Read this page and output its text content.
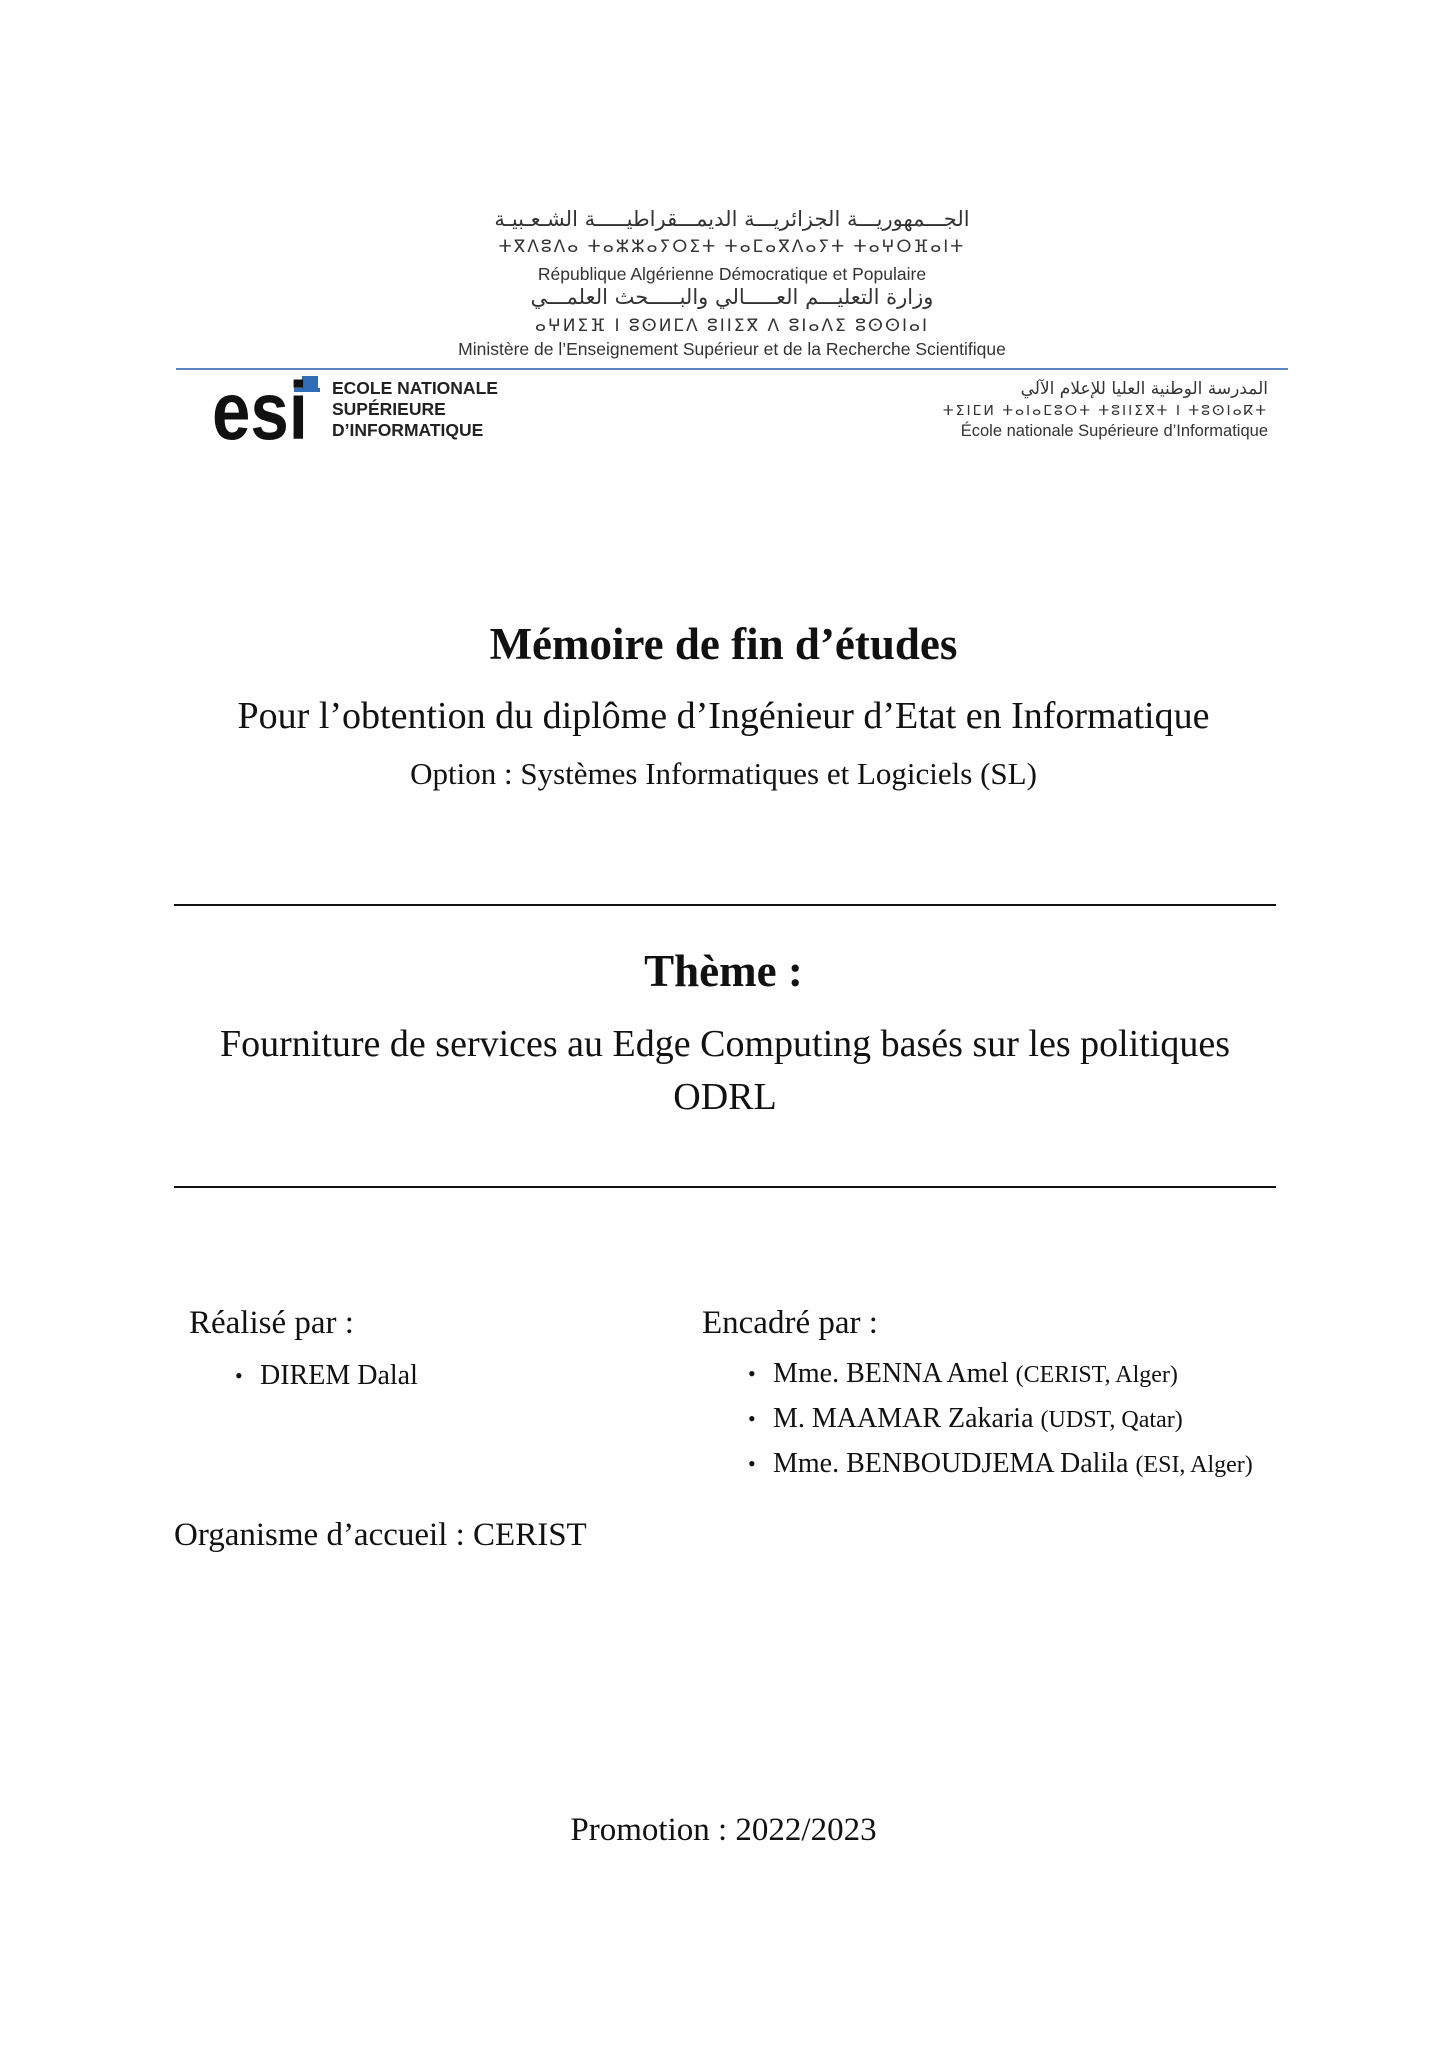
الجـــمهوريـــة الجزائريـــة الديمـــقراطيـــــة الشـعـبيـة
ⵜⴳⴷⵓⴷⴰ ⵜⴰⵣⵣⴰⵢⵔⵉⵜ ⵜⴰⵎⴰⴳⴷⴰⵢⵜ ⵜⴰⵖⵔⴼⴰⵏⵜ
République Algérienne Démocratique et Populaire
وزارة التعليـــم العـــــالي والبـــــحث العلمـــي
ⴰⵖⵍⵉⴼ ⵏ ⵓⵙⵍⵎⴷ ⵓⵏⵏⵉⴳ ⴷ ⵓⵏⴰⴷⵉ ⵓⵙⵙⵏⴰⵏ
Ministère de l’Enseignement Supérieur et de la Recherche Scientifique
esi ECOLE NATIONALE
SUPÉRIEURE
D’INFORMATIQUE
المدرسة الوطنية العليا للإعلام الآلي
ⵜⵉⵏⵎⵍ ⵜⴰⵏⴰⵎⵓⵔⵜ ⵜⵓⵏⵏⵉⴳⵜ ⵏ ⵜⵓⵙⵏⴰⴽⵜ
École nationale Supérieure d’Informatique
Mémoire de fin d’études
Pour l’obtention du diplôme d’Ingénieur d’Etat en Informatique
Option : Systèmes Informatiques et Logiciels (SL)
Thème :
Fourniture de services au Edge Computing basés sur les politiques ODRL
Réalisé par :
• DIREM Dalal
Encadré par :
• Mme. BENNA Amel (CERIST, Alger)
• M. MAAMAR Zakaria (UDST, Qatar)
• Mme. BENBOUDJEMA Dalila (ESI, Alger)
Organisme d’accueil : CERIST
Promotion : 2022/2023
